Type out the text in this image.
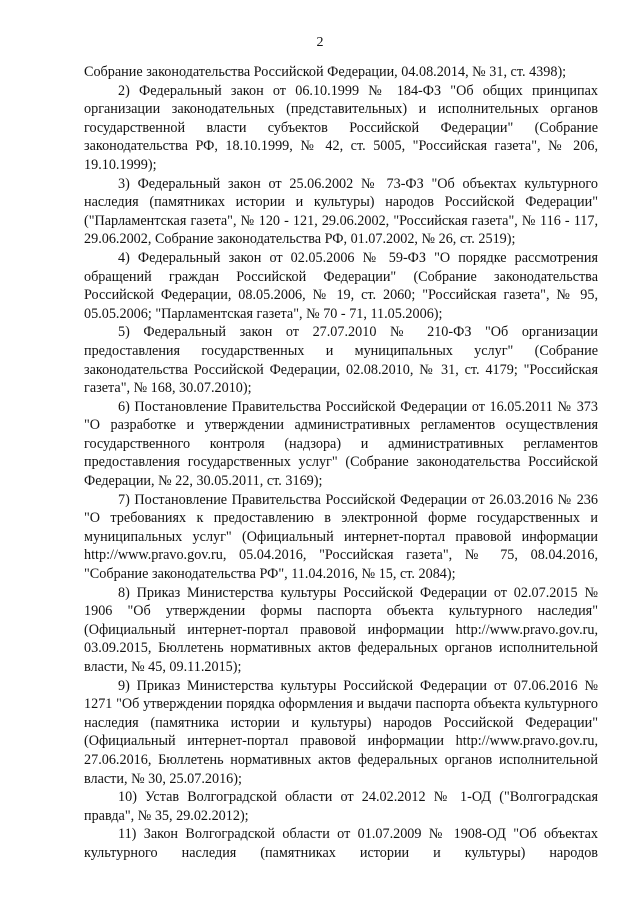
2

Собрание законодательства Российской Федерации, 04.08.2014, № 31, ст. 4398);

2) Федеральный закон от 06.10.1999 № 184-ФЗ "Об общих принципах организации законодательных (представительных) и исполнительных органов государственной власти субъектов Российской Федерации" (Собрание законодательства РФ, 18.10.1999, № 42, ст. 5005, "Российская газета", № 206, 19.10.1999);

3) Федеральный закон от 25.06.2002 № 73-ФЗ "Об объектах культурного наследия (памятниках истории и культуры) народов Российской Федерации" ("Парламентская газета", № 120 - 121, 29.06.2002, "Российская газета", № 116 - 117, 29.06.2002, Собрание законодательства РФ, 01.07.2002, № 26, ст. 2519);

4) Федеральный закон от 02.05.2006 № 59-ФЗ "О порядке рассмотрения обращений граждан Российской Федерации" (Собрание законодательства Российской Федерации, 08.05.2006, № 19, ст. 2060; "Российская газета", № 95, 05.05.2006; "Парламентская газета", № 70 - 71, 11.05.2006);

5) Федеральный закон от 27.07.2010 № 210-ФЗ "Об организации предоставления государственных и муниципальных услуг" (Собрание законодательства Российской Федерации, 02.08.2010, № 31, ст. 4179; "Российская газета", № 168, 30.07.2010);

6) Постановление Правительства Российской Федерации от 16.05.2011 № 373 "О разработке и утверждении административных регламентов осуществления государственного контроля (надзора) и административных регламентов предоставления государственных услуг" (Собрание законодательства Российской Федерации, № 22, 30.05.2011, ст. 3169);

7) Постановление Правительства Российской Федерации от 26.03.2016 № 236 "О требованиях к предоставлению в электронной форме государственных и муниципальных услуг" (Официальный интернет-портал правовой информации http://www.pravo.gov.ru, 05.04.2016, "Российская газета", № 75, 08.04.2016, "Собрание законодательства РФ", 11.04.2016, № 15, ст. 2084);

8) Приказ Министерства культуры Российской Федерации от 02.07.2015 № 1906 "Об утверждении формы паспорта объекта культурного наследия" (Официальный интернет-портал правовой информации http://www.pravo.gov.ru, 03.09.2015, Бюллетень нормативных актов федеральных органов исполнительной власти, № 45, 09.11.2015);

9) Приказ Министерства культуры Российской Федерации от 07.06.2016 № 1271 "Об утверждении порядка оформления и выдачи паспорта объекта культурного наследия (памятника истории и культуры) народов Российской Федерации" (Официальный интернет-портал правовой информации http://www.pravo.gov.ru, 27.06.2016, Бюллетень нормативных актов федеральных органов исполнительной власти, № 30, 25.07.2016);

10) Устав Волгоградской области от 24.02.2012 № 1-ОД ("Волгоградская правда", № 35, 29.02.2012);

11) Закон Волгоградской области от 01.07.2009 № 1908-ОД "Об объектах культурного наследия (памятниках истории и культуры) народов
